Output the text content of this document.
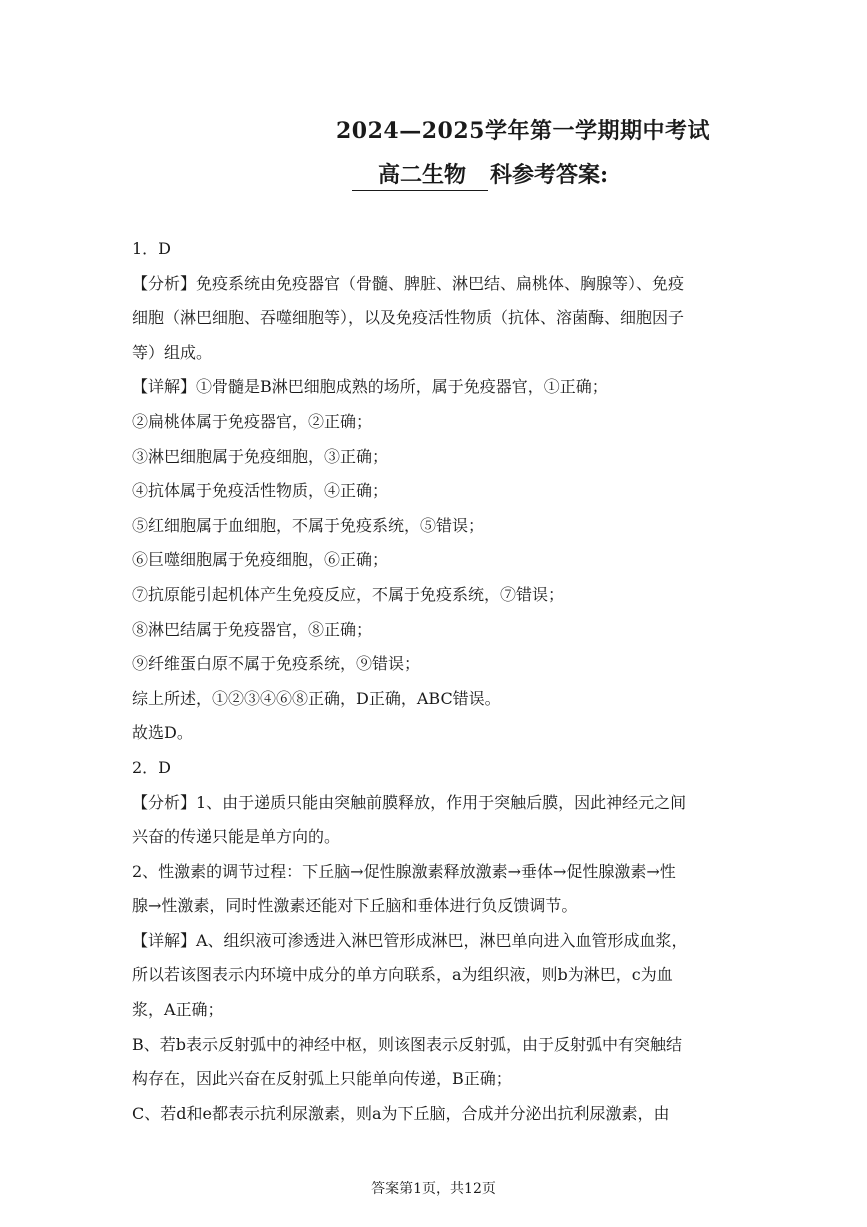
2024—2025学年第一学期期中考试
高二生物 科参考答案:
1．D
【分析】免疫系统由免疫器官（骨髓、脾脏、淋巴结、扁桃体、胸腺等）、免疫
细胞（淋巴细胞、吞噬细胞等），以及免疫活性物质（抗体、溶菌酶、细胞因子
等）组成。
【详解】①骨髓是B淋巴细胞成熟的场所，属于免疫器官，①正确；
②扁桃体属于免疫器官，②正确；
③淋巴细胞属于免疫细胞，③正确；
④抗体属于免疫活性物质，④正确；
⑤红细胞属于血细胞，不属于免疫系统，⑤错误；
⑥巨噬细胞属于免疫细胞，⑥正确；
⑦抗原能引起机体产生免疫反应，不属于免疫系统，⑦错误；
⑧淋巴结属于免疫器官，⑧正确；
⑨纤维蛋白原不属于免疫系统，⑨错误；
综上所述，①②③④⑥⑧正确，D正确，ABC错误。
故选D。
2．D
【分析】1、由于递质只能由突触前膜释放，作用于突触后膜，因此神经元之间
兴奋的传递只能是单方向的。
2、性激素的调节过程：下丘脑→促性腺激素释放激素→垂体→促性腺激素→性
腺→性激素，同时性激素还能对下丘脑和垂体进行负反馈调节。
【详解】A、组织液可渗透进入淋巴管形成淋巴，淋巴单向进入血管形成血浆，
所以若该图表示内环境中成分的单方向联系，a为组织液，则b为淋巴，c为血
浆，A正确；
B、若b表示反射弧中的神经中枢，则该图表示反射弧，由于反射弧中有突触结
构存在，因此兴奋在反射弧上只能单向传递，B正确；
C、若d和e都表示抗利尿激素，则a为下丘脑，合成并分泌出抗利尿激素，由
答案第1页，共12页
